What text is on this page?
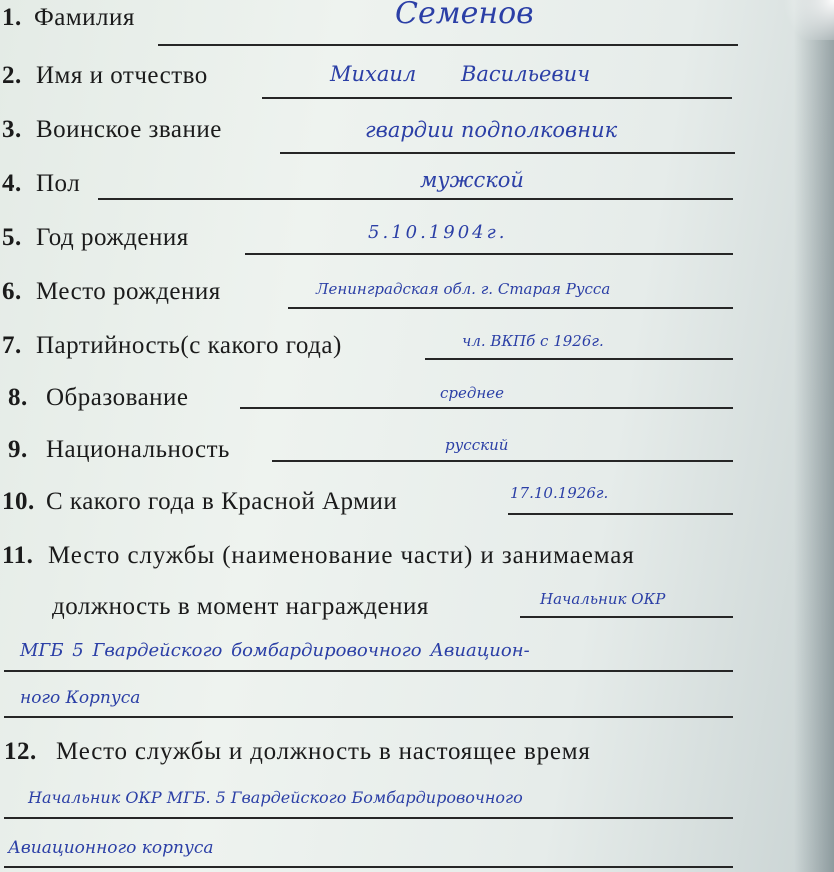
1. Фамилия	Семенов
2. Имя и отчество	Михаил Васильевич
3. Воинское звание	гвардии подполковник
4. Пол	мужской
5. Год рождения	5.10.1904г.
6. Место рождения	Ленинградская обл. г. Старая Русса
7. Партийность(с какого года)	чл. ВКПб с 1926г.
8. Образование	среднее
9. Национальность	русский
10. С какого года в Красной Армии	17.10.1926г.
11. Место службы (наименование части) и занимаемая
должность в момент награждения	Начальник ОКР
МГБ 5 Гвардейского бомбардировочного Авиацион-
ного Корпуса
12. Место службы и должность в настоящее время
Начальник ОКР МГБ. 5 Гвардейского Бомбардировочного
Авиационного корпуса
